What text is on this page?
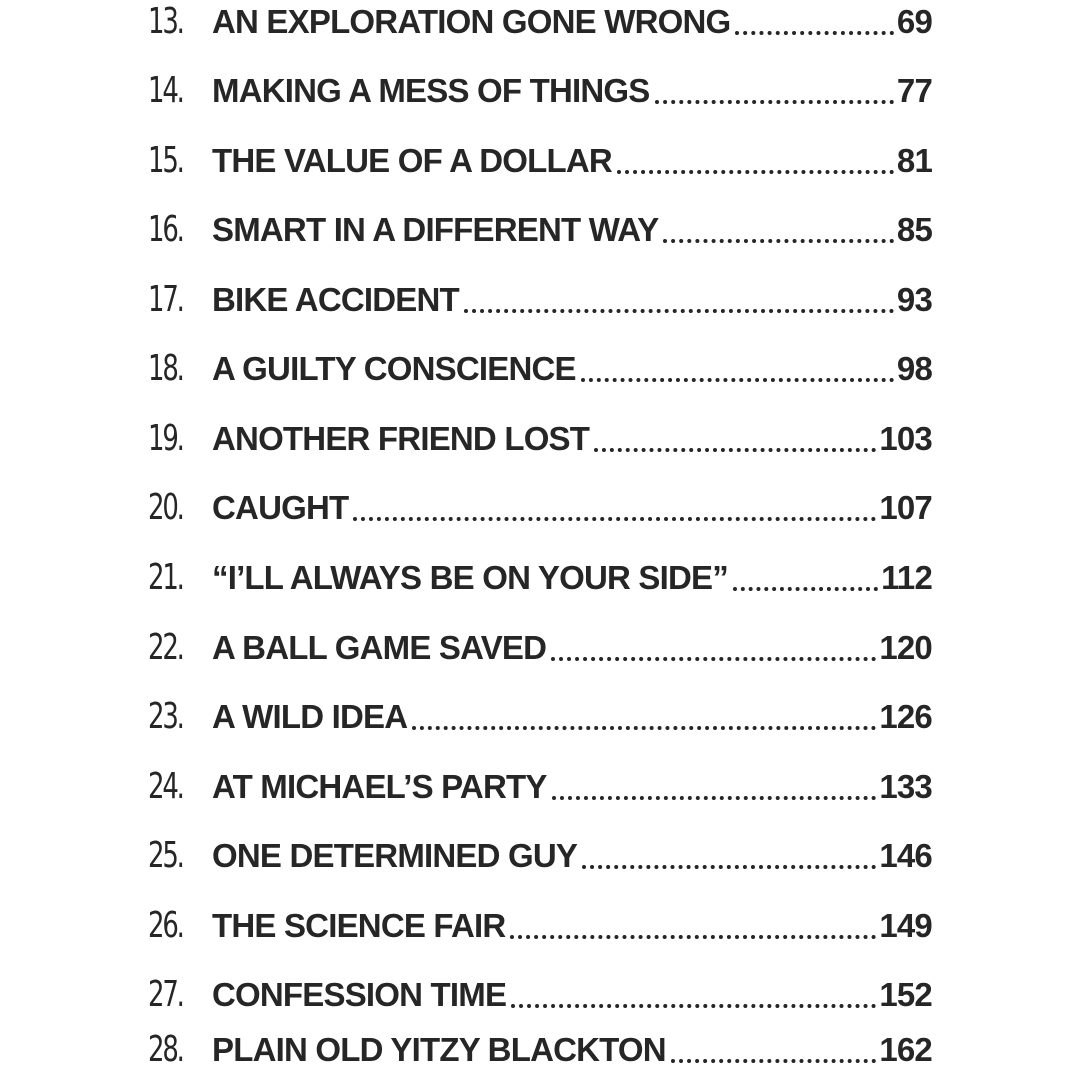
13. AN EXPLORATION GONE WRONG	69
14. MAKING A MESS OF THINGS	77
15. THE VALUE OF A DOLLAR	81
16. SMART IN A DIFFERENT WAY	85
17. BIKE ACCIDENT	93
18. A GUILTY CONSCIENCE	98
19. ANOTHER FRIEND LOST	103
20. CAUGHT	107
21. “I’LL ALWAYS BE ON YOUR SIDE”	112
22. A BALL GAME SAVED	120
23. A WILD IDEA	126
24. AT MICHAEL’S PARTY	133
25. ONE DETERMINED GUY	146
26. THE SCIENCE FAIR	149
27. CONFESSION TIME	152
28. PLAIN OLD YITZY BLACKTON	162
